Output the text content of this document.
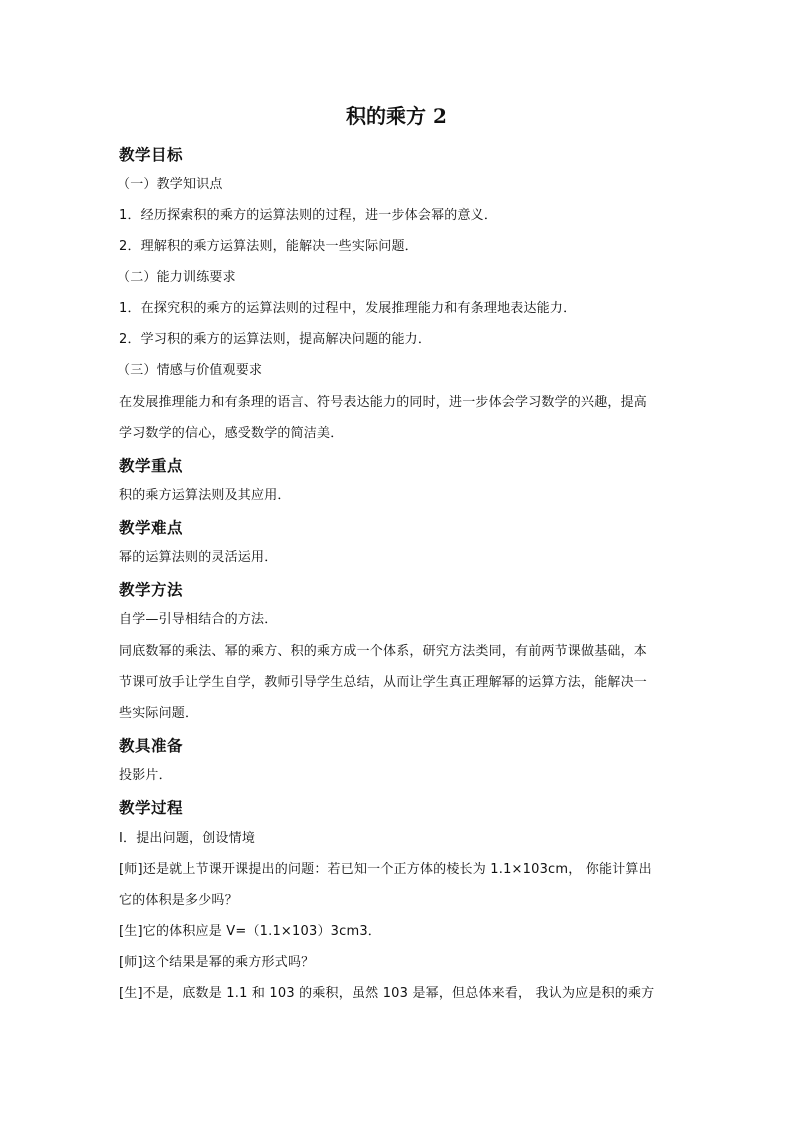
积的乘方 2
教学目标
（一）教学知识点
1．经历探索积的乘方的运算法则的过程，进一步体会幂的意义．
2．理解积的乘方运算法则，能解决一些实际问题．
（二）能力训练要求
1．在探究积的乘方的运算法则的过程中，发展推理能力和有条理地表达能力．
2．学习积的乘方的运算法则，提高解决问题的能力．
（三）情感与价值观要求
在发展推理能力和有条理的语言、符号表达能力的同时，进一步体会学习数学的兴趣，提高
学习数学的信心，感受数学的简洁美．
教学重点
积的乘方运算法则及其应用．
教学难点
幂的运算法则的灵活运用．
教学方法
自学—引导相结合的方法．
同底数幂的乘法、幂的乘方、积的乘方成一个体系，研究方法类同，有前两节课做基础，本
节课可放手让学生自学，教师引导学生总结，从而让学生真正理解幂的运算方法，能解决一
些实际问题．
教具准备
投影片．
教学过程
Ⅰ．提出问题，创设情境
[师]还是就上节课开课提出的问题：若已知一个正方体的棱长为 1.1×103cm， 你能计算出
它的体积是多少吗？
[生]它的体积应是 V=（1.1×103）3cm3．
[师]这个结果是幂的乘方形式吗？
[生]不是，底数是 1.1 和 103 的乘积，虽然 103 是幂，但总体来看， 我认为应是积的乘方
